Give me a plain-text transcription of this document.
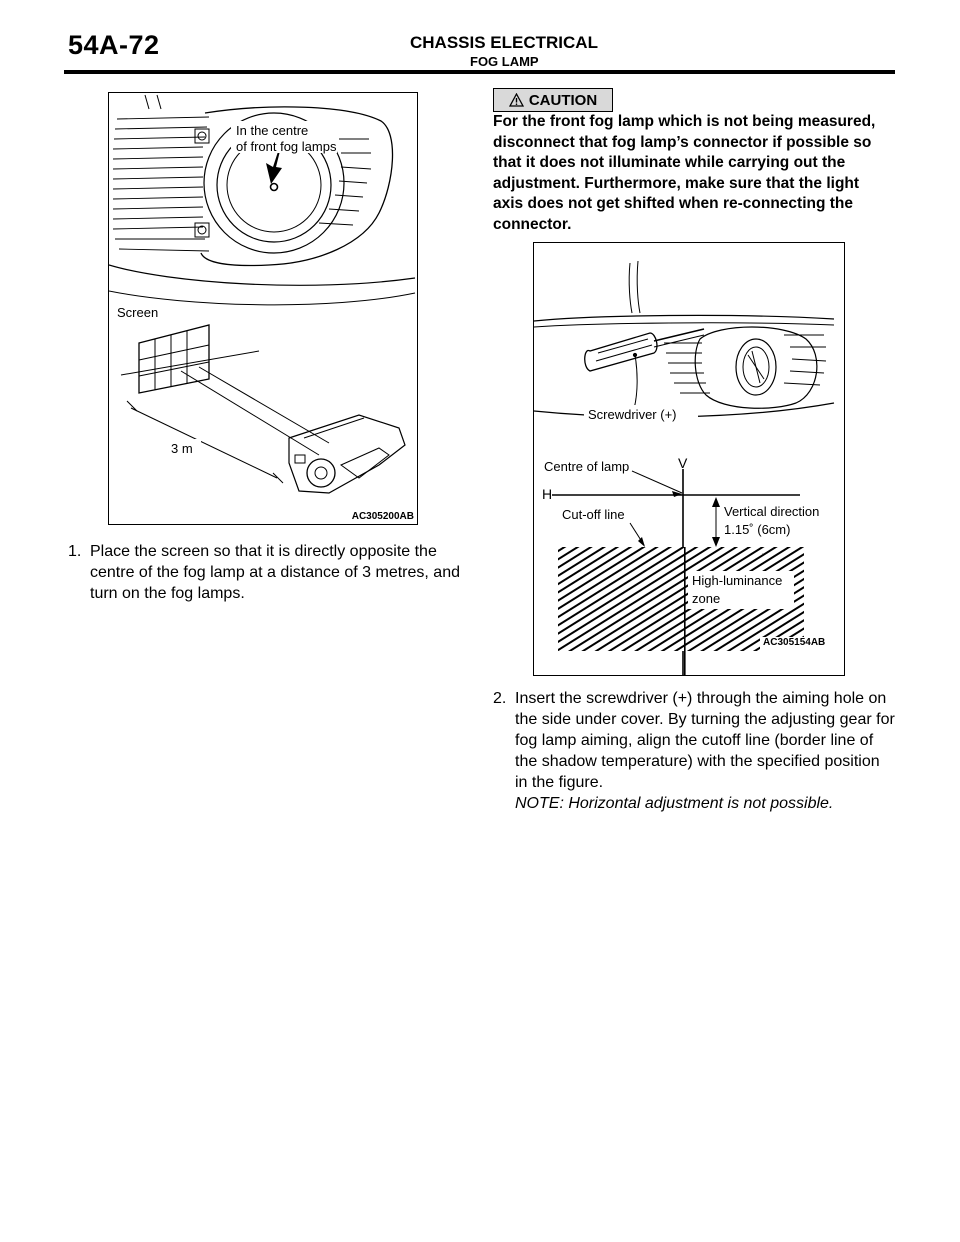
54A-72	CHASSIS ELECTRICAL
FOG LAMP
In the centre
of front fog lamps
Screen
3 m
AC305200AB
1. Place the screen so that it is directly opposite the centre of the fog lamp at a distance of 3 metres, and turn on the fog lamps.
CAUTION
For the front fog lamp which is not being measured, disconnect that fog lamp’s connector if possible so that it does not illuminate while carrying out the adjustment. Furthermore, make sure that the light axis does not get shifted when re-connecting the connector.
Screwdriver (+)
Centre of lamp	V
H
Cut-off line	Vertical direction
1.15˚ (6cm)
High-luminance
zone
AC305154AB
2. Insert the screwdriver (+) through the aiming hole on the side under cover. By turning the adjusting gear for fog lamp aiming, align the cutoff line (border line of the shadow temperature) with the specified position in the figure.
NOTE: Horizontal adjustment is not possible.
